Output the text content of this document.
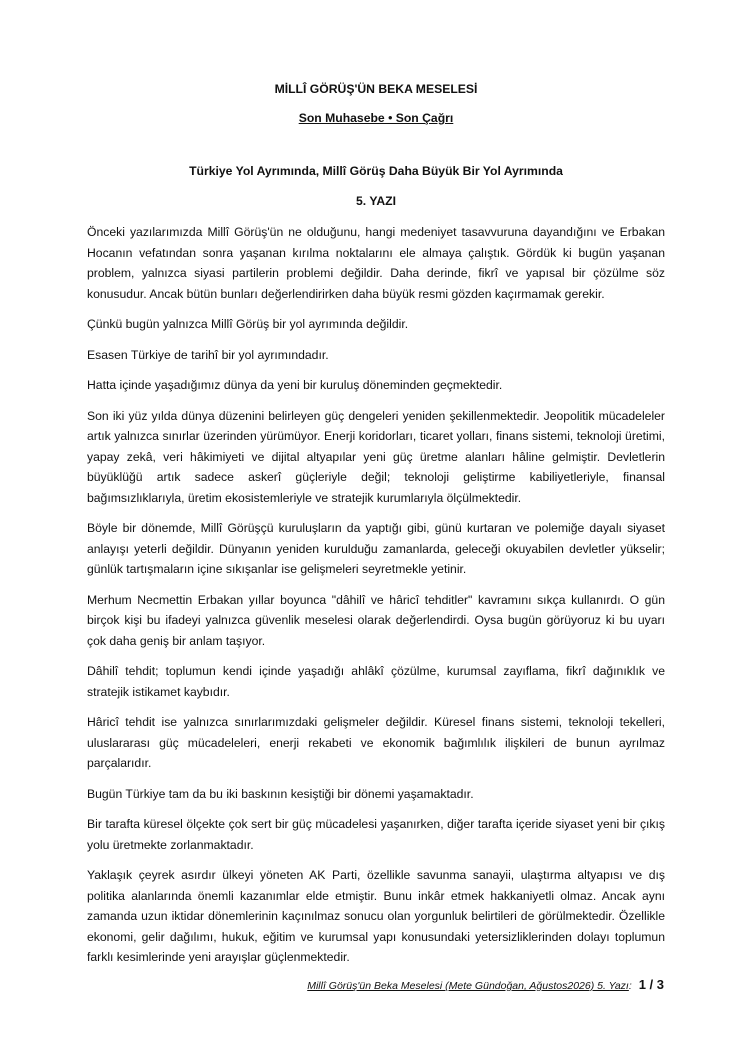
MİLLÎ GÖRÜŞ'ÜN BEKA MESELESİ
Son Muhasebe • Son Çağrı
Türkiye Yol Ayrımında, Millî Görüş Daha Büyük Bir Yol Ayrımında
5. YAZI

Önceki yazılarımızda Millî Görüş'ün ne olduğunu, hangi medeniyet tasavvuruna dayandığını ve Erbakan Hocanın vefatından sonra yaşanan kırılma noktalarını ele almaya çalıştık. Gördük ki bugün yaşanan problem, yalnızca siyasi partilerin problemi değildir. Daha derinde, fikrî ve yapısal bir çözülme söz konusudur. Ancak bütün bunları değerlendirirken daha büyük resmi gözden kaçırmamak gerekir.

Çünkü bugün yalnızca Millî Görüş bir yol ayrımında değildir.

Esasen Türkiye de tarihî bir yol ayrımındadır.

Hatta içinde yaşadığımız dünya da yeni bir kuruluş döneminden geçmektedir.

Son iki yüz yılda dünya düzenini belirleyen güç dengeleri yeniden şekillenmektedir. Jeopolitik mücadeleler artık yalnızca sınırlar üzerinden yürümüyor. Enerji koridorları, ticaret yolları, finans sistemi, teknoloji üretimi, yapay zekâ, veri hâkimiyeti ve dijital altyapılar yeni güç üretme alanları hâline gelmiştir. Devletlerin büyüklüğü artık sadece askerî güçleriyle değil; teknoloji geliştirme kabiliyetleriyle, finansal bağımsızlıklarıyla, üretim ekosistemleriyle ve stratejik kurumlarıyla ölçülmektedir.

Böyle bir dönemde, Millî Görüşçü kuruluşların da yaptığı gibi, günü kurtaran ve polemiğe dayalı siyaset anlayışı yeterli değildir. Dünyanın yeniden kurulduğu zamanlarda, geleceği okuyabilen devletler yükselir; günlük tartışmaların içine sıkışanlar ise gelişmeleri seyretmekle yetinir.

Merhum Necmettin Erbakan yıllar boyunca "dâhilî ve hâricî tehditler" kavramını sıkça kullanırdı. O gün birçok kişi bu ifadeyi yalnızca güvenlik meselesi olarak değerlendirdi. Oysa bugün görüyoruz ki bu uyarı çok daha geniş bir anlam taşıyor.

Dâhilî tehdit; toplumun kendi içinde yaşadığı ahlâkî çözülme, kurumsal zayıflama, fikrî dağınıklık ve stratejik istikamet kaybıdır.

Hâricî tehdit ise yalnızca sınırlarımızdaki gelişmeler değildir. Küresel finans sistemi, teknoloji tekelleri, uluslararası güç mücadeleleri, enerji rekabeti ve ekonomik bağımlılık ilişkileri de bunun ayrılmaz parçalarıdır.

Bugün Türkiye tam da bu iki baskının kesiştiği bir dönemi yaşamaktadır.

Bir tarafta küresel ölçekte çok sert bir güç mücadelesi yaşanırken, diğer tarafta içeride siyaset yeni bir çıkış yolu üretmekte zorlanmaktadır.

Yaklaşık çeyrek asırdır ülkeyi yöneten AK Parti, özellikle savunma sanayii, ulaştırma altyapısı ve dış politika alanlarında önemli kazanımlar elde etmiştir. Bunu inkâr etmek hakkaniyetli olmaz. Ancak aynı zamanda uzun iktidar dönemlerinin kaçınılmaz sonucu olan yorgunluk belirtileri de görülmektedir. Özellikle ekonomi, gelir dağılımı, hukuk, eğitim ve kurumsal yapı konusundaki yetersizliklerinden dolayı toplumun farklı kesimlerinde yeni arayışlar güçlenmektedir.

Millî Görüş'ün Beka Meselesi (Mete Gündoğan, Ağustos2026) 5. Yazı: 1 / 3
